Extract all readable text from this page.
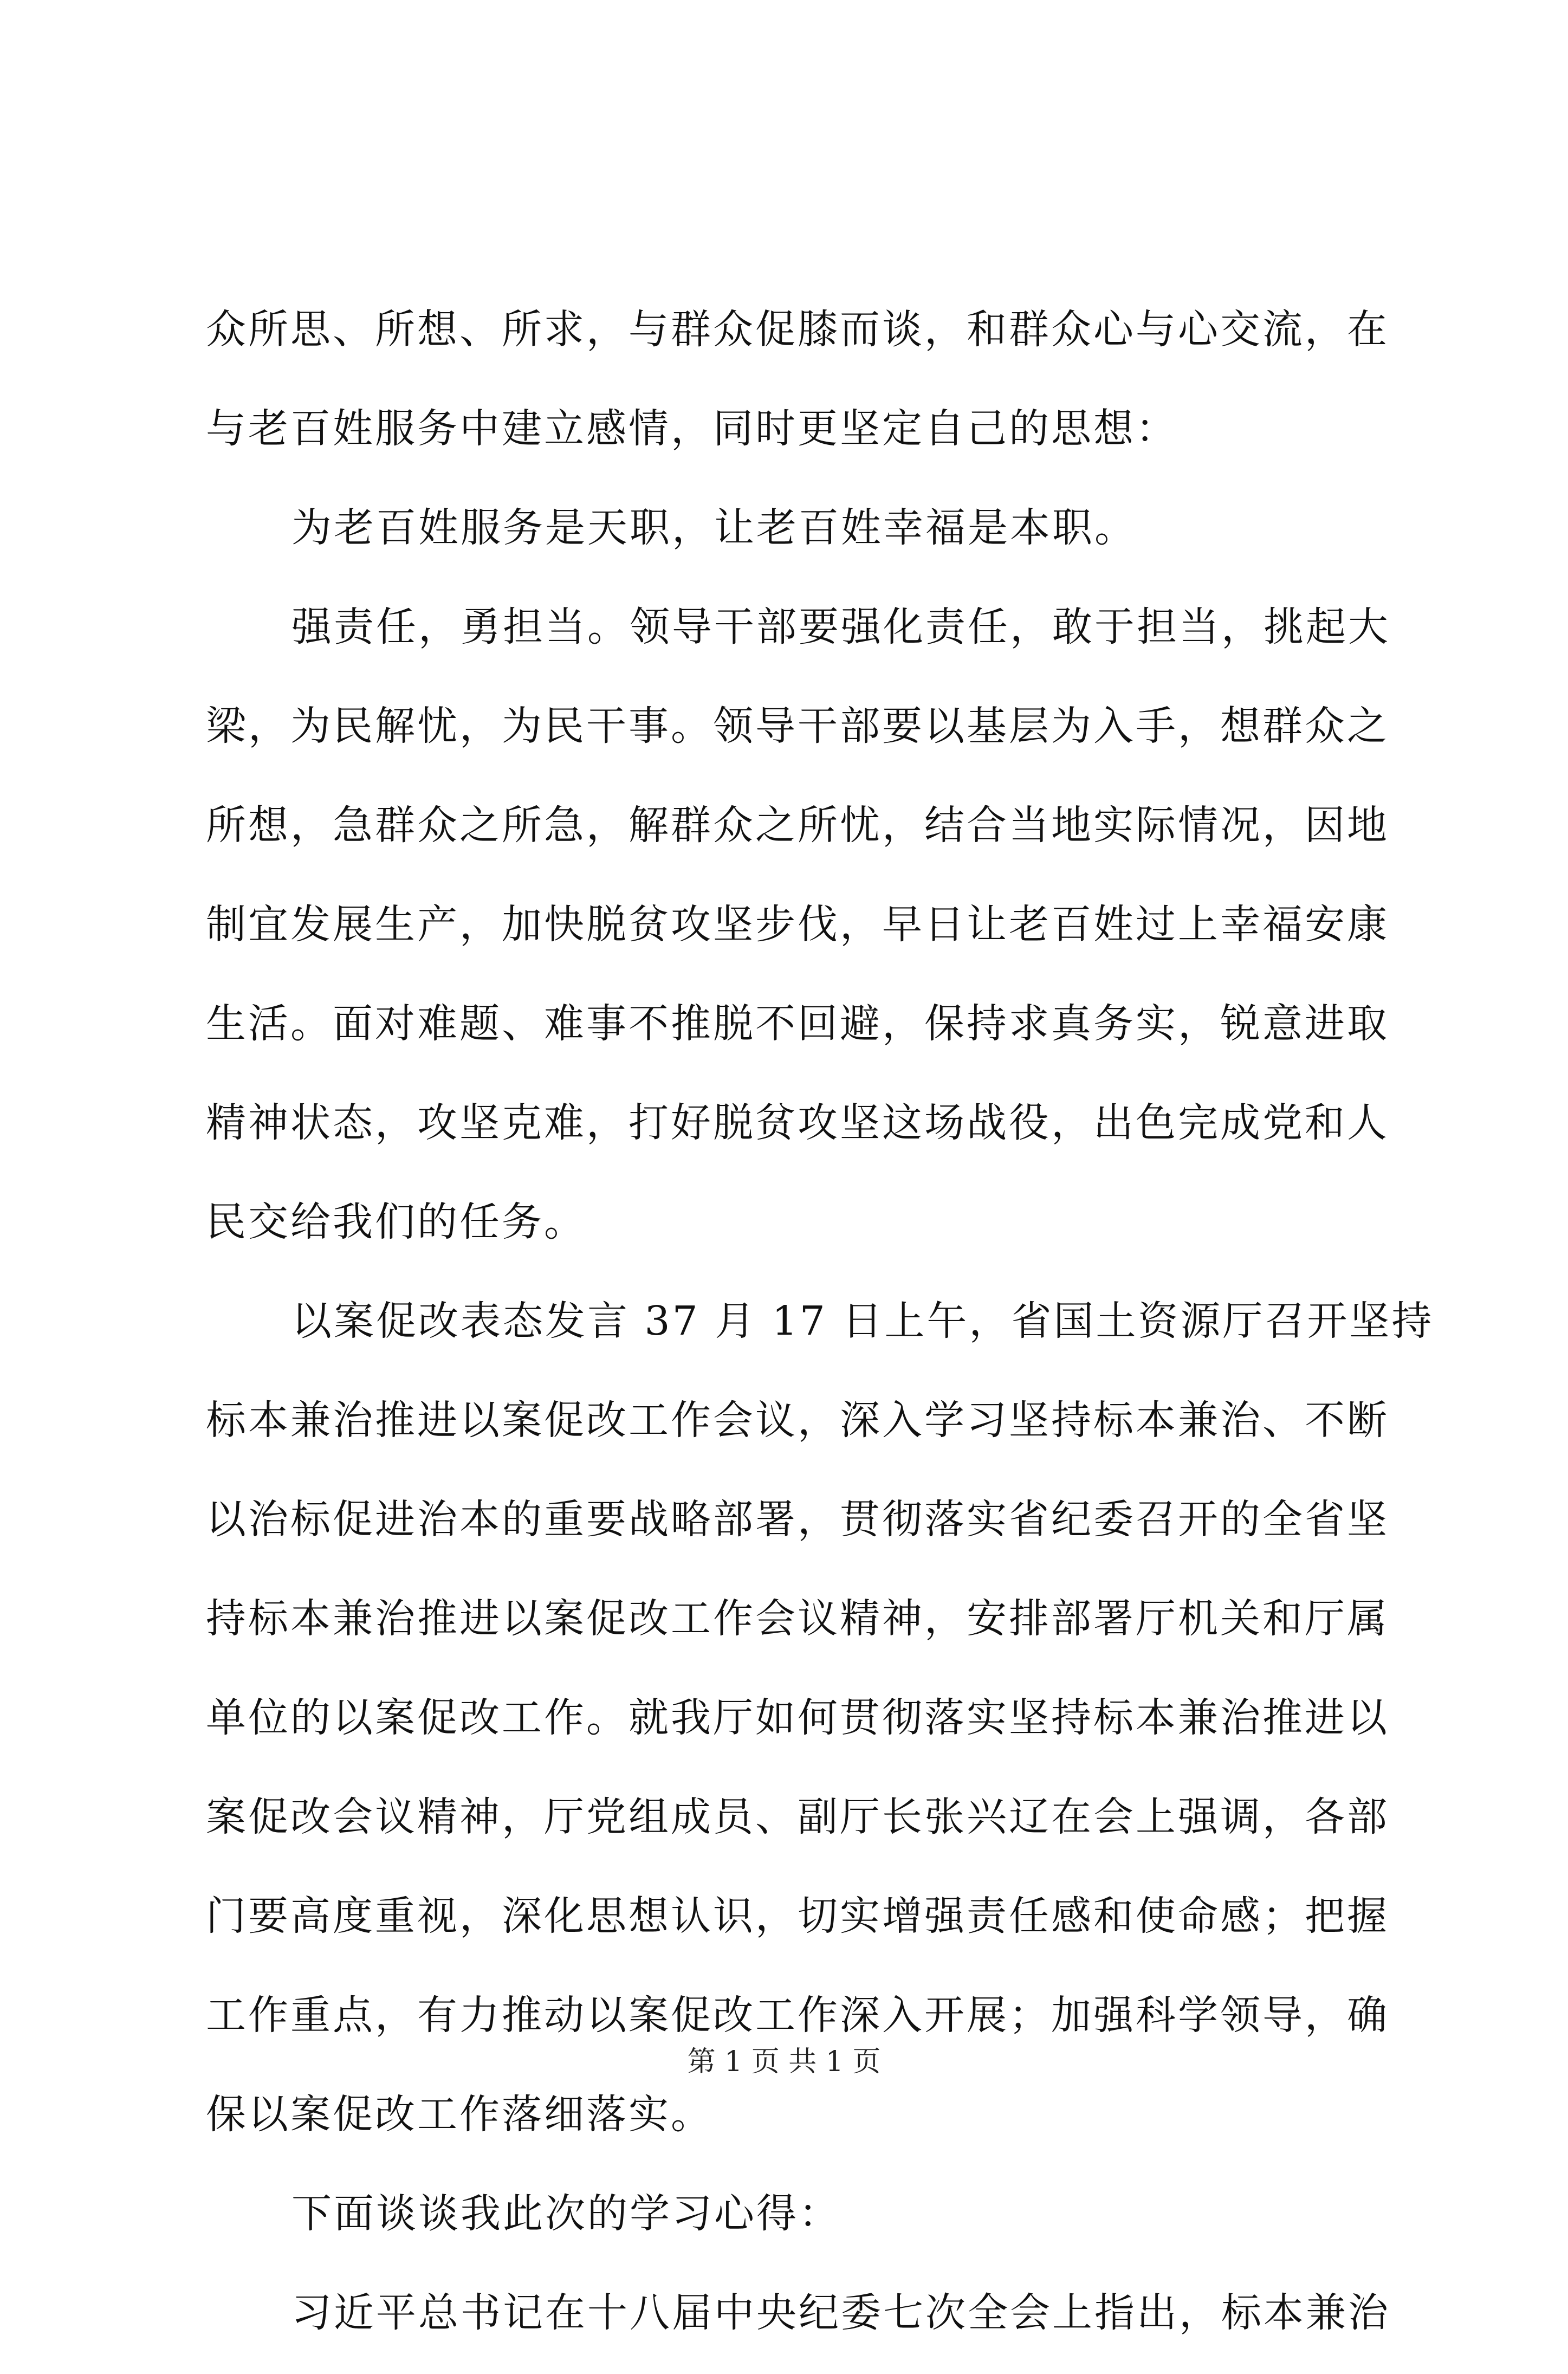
众所思、所想、所求，与群众促膝而谈，和群众心与心交流，在
与老百姓服务中建立感情，同时更坚定自己的思想：
为老百姓服务是天职，让老百姓幸福是本职。
强责任，勇担当。领导干部要强化责任，敢于担当，挑起大
梁，为民解忧，为民干事。领导干部要以基层为入手，想群众之
所想，急群众之所急，解群众之所忧，结合当地实际情况，因地
制宜发展生产，加快脱贫攻坚步伐，早日让老百姓过上幸福安康
生活。面对难题、难事不推脱不回避，保持求真务实，锐意进取
精神状态，攻坚克难，打好脱贫攻坚这场战役，出色完成党和人
民交给我们的任务。
以案促改表态发言 37 月 17 日上午，省国土资源厅召开坚持
标本兼治推进以案促改工作会议，深入学习坚持标本兼治、不断
以治标促进治本的重要战略部署，贯彻落实省纪委召开的全省坚
持标本兼治推进以案促改工作会议精神，安排部署厅机关和厅属
单位的以案促改工作。就我厅如何贯彻落实坚持标本兼治推进以
案促改会议精神，厅党组成员、副厅长张兴辽在会上强调，各部
门要高度重视，深化思想认识，切实增强责任感和使命感；把握
工作重点，有力推动以案促改工作深入开展；加强科学领导，确
保以案促改工作落细落实。
下面谈谈我此次的学习心得：
习近平总书记在十八届中央纪委七次全会上指出，标本兼治
第 1 页 共 1 页
